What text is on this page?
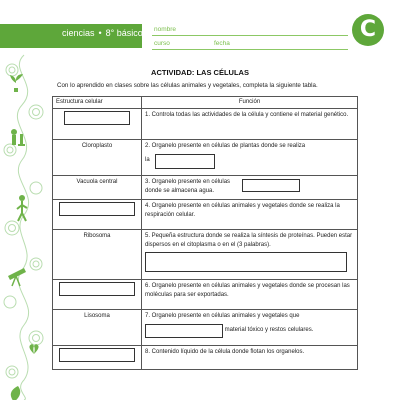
ciencias • 8° básico nombre
curso	fecha
C
ACTIVIDAD: LAS CÉLULAS
Con lo aprendido en clases sobre las células animales y vegetales, completa la siguiente tabla.
Estructura celular	Función

	1. Controla todas las actividades de la célula y contiene el material genético.
Cloroplasto	2. Organelo presente en células de plantas donde se realiza
la
Vacuola central	3. Organelo presente en células donde se almacena agua.

	4. Organelo presente en células animales y vegetales donde se realiza la respiración celular.
Ribosoma	5. Pequeña estructura donde se realiza la síntesis de proteínas. Pueden estar dispersos en el citoplasma o en el (3 palabras).

	6. Organelo presente en células animales y vegetales donde se procesan las moléculas para ser exportadas.
Lisosoma	7. Organelo presente en células animales y vegetales que
material tóxico y restos celulares.

	8. Contenido líquido de la célula donde flotan los organelos.
